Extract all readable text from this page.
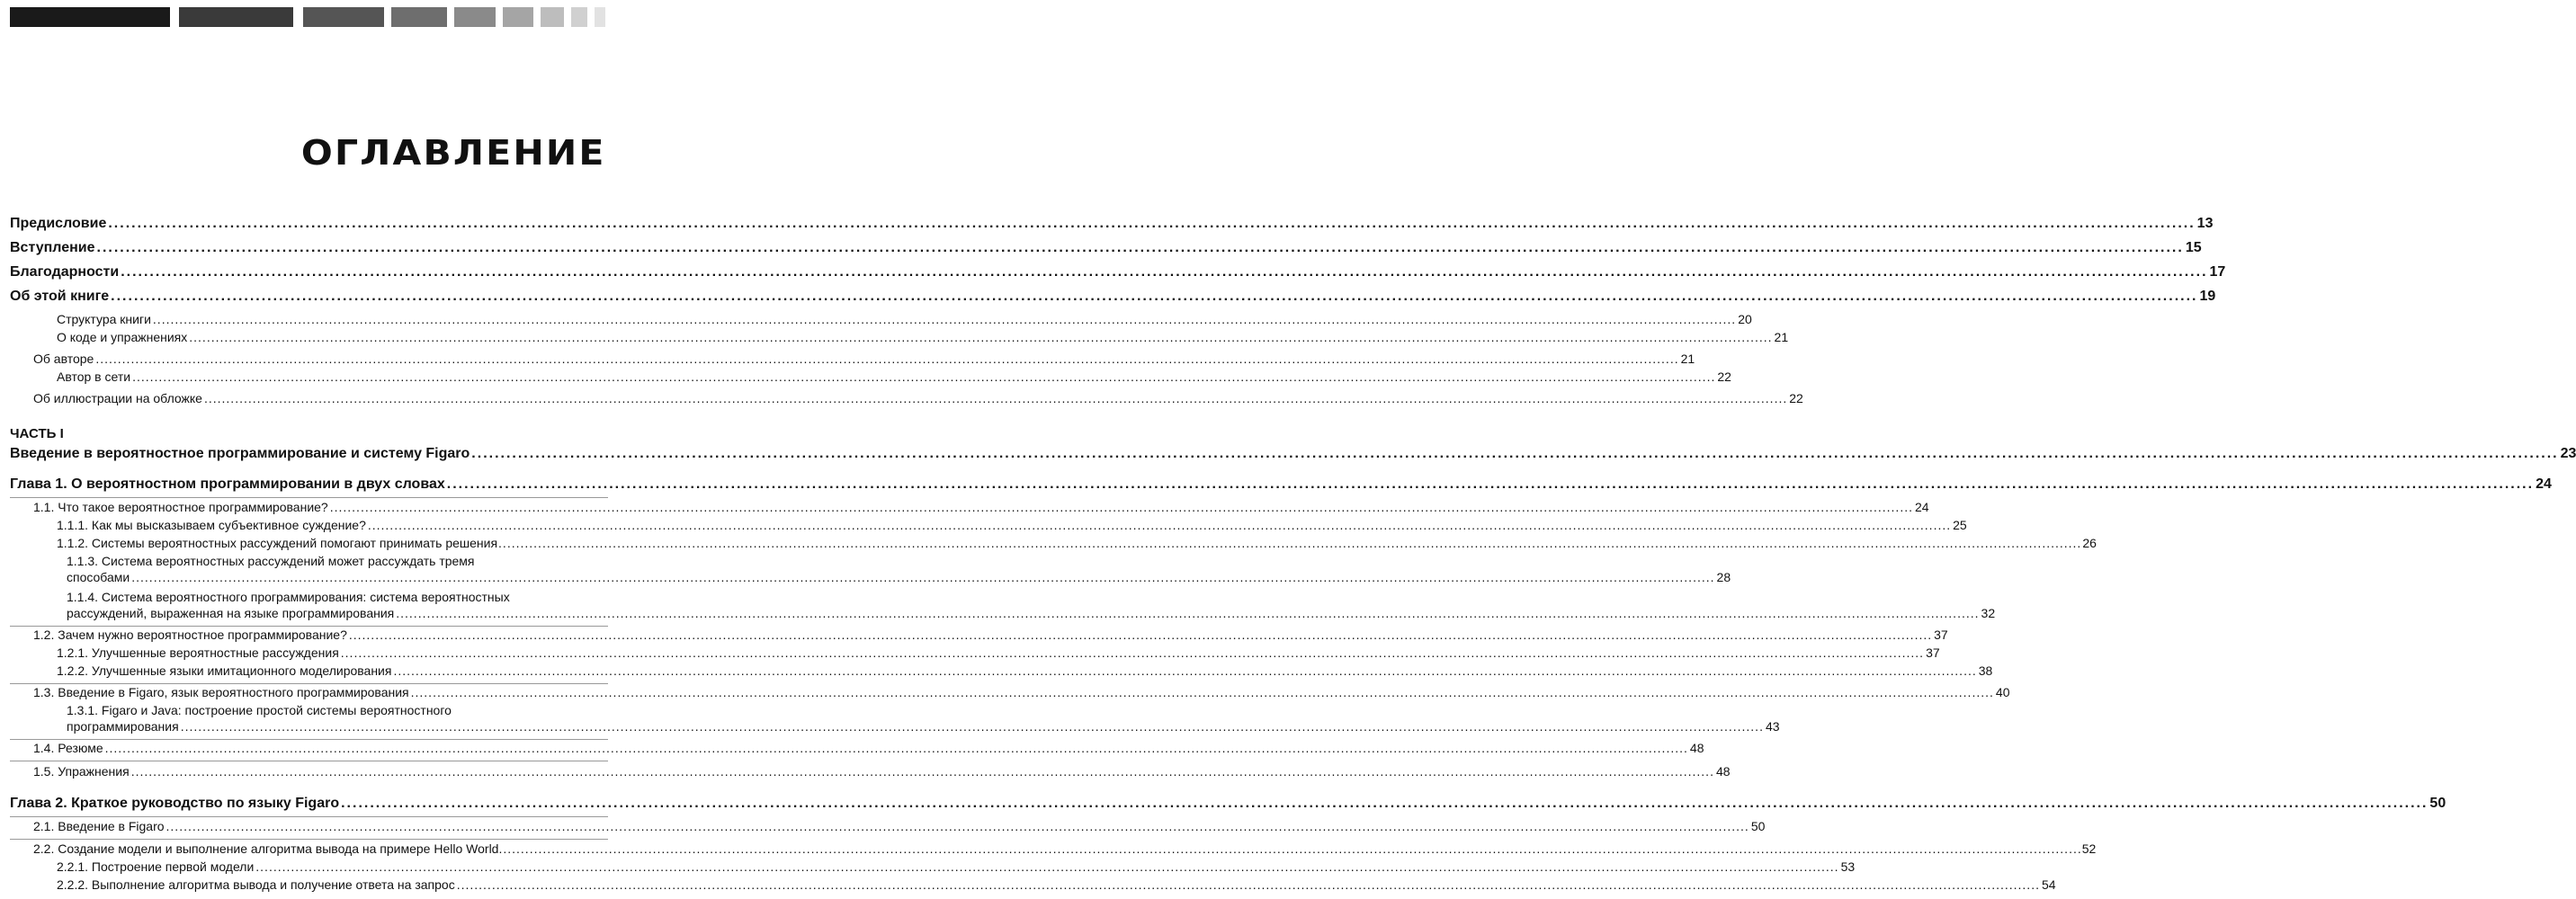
ОГЛАВЛЕНИЕ
Предисловие .....	13
Вступление .....	15
Благодарности .....	17
Об этой книге .....	19
Структура книги .....	20
О коде и упражнениях .....	21
Об авторе .....	21
Автор в сети .....	22
Об иллюстрации на обложке .....	22
ЧАСТЬ I
Введение в вероятностное программирование и систему Figaro .....	23
Глава 1. О вероятностном программировании в двух словах .....	24
1.1. Что такое вероятностное программирование? .....	24
1.1.1. Как мы высказываем субъективное суждение? .....	25
1.1.2. Системы вероятностных рассуждений помогают принимать решения .....	26
1.1.3. Система вероятностных рассуждений может рассуждать тремя
способами .....	28
1.1.4. Система вероятностного программирования: система вероятностных
рассуждений, выраженная на языке программирования .....	32
1.2. Зачем нужно вероятностное программирование? .....	37
1.2.1. Улучшенные вероятностные рассуждения .....	37
1.2.2. Улучшенные языки имитационного моделирования .....	38
1.3. Введение в Figaro, язык вероятностного программирования .....	40
1.3.1. Figaro и Java: построение простой системы вероятностного
программирования .....	43
1.4. Резюме .....	48
1.5. Упражнения .....	48
Глава 2. Краткое руководство по языку Figaro .....	50
2.1. Введение в Figaro .....	50
2.2. Создание модели и выполнение алгоритма вывода на примере Hello World .....	52
2.2.1. Построение первой модели .....	53
2.2.2. Выполнение алгоритма вывода и получение ответа на запрос .....	54
